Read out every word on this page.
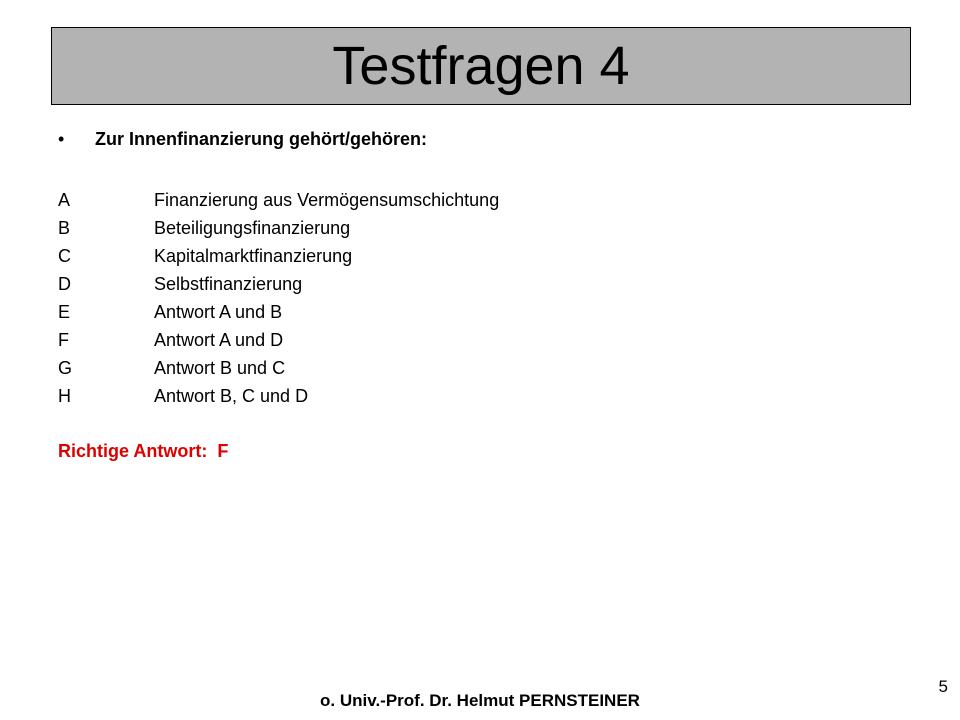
Testfragen 4
• Zur Innenfinanzierung gehört/gehören:
A	Finanzierung aus Vermögensumschichtung
B	Beteiligungsfinanzierung
C	Kapitalmarktfinanzierung
D	Selbstfinanzierung
E	Antwort A und B
F	Antwort A und D
G	Antwort B und C
H	Antwort B, C und D
Richtige Antwort: F
o. Univ.-Prof. Dr. Helmut PERNSTEINER
5
